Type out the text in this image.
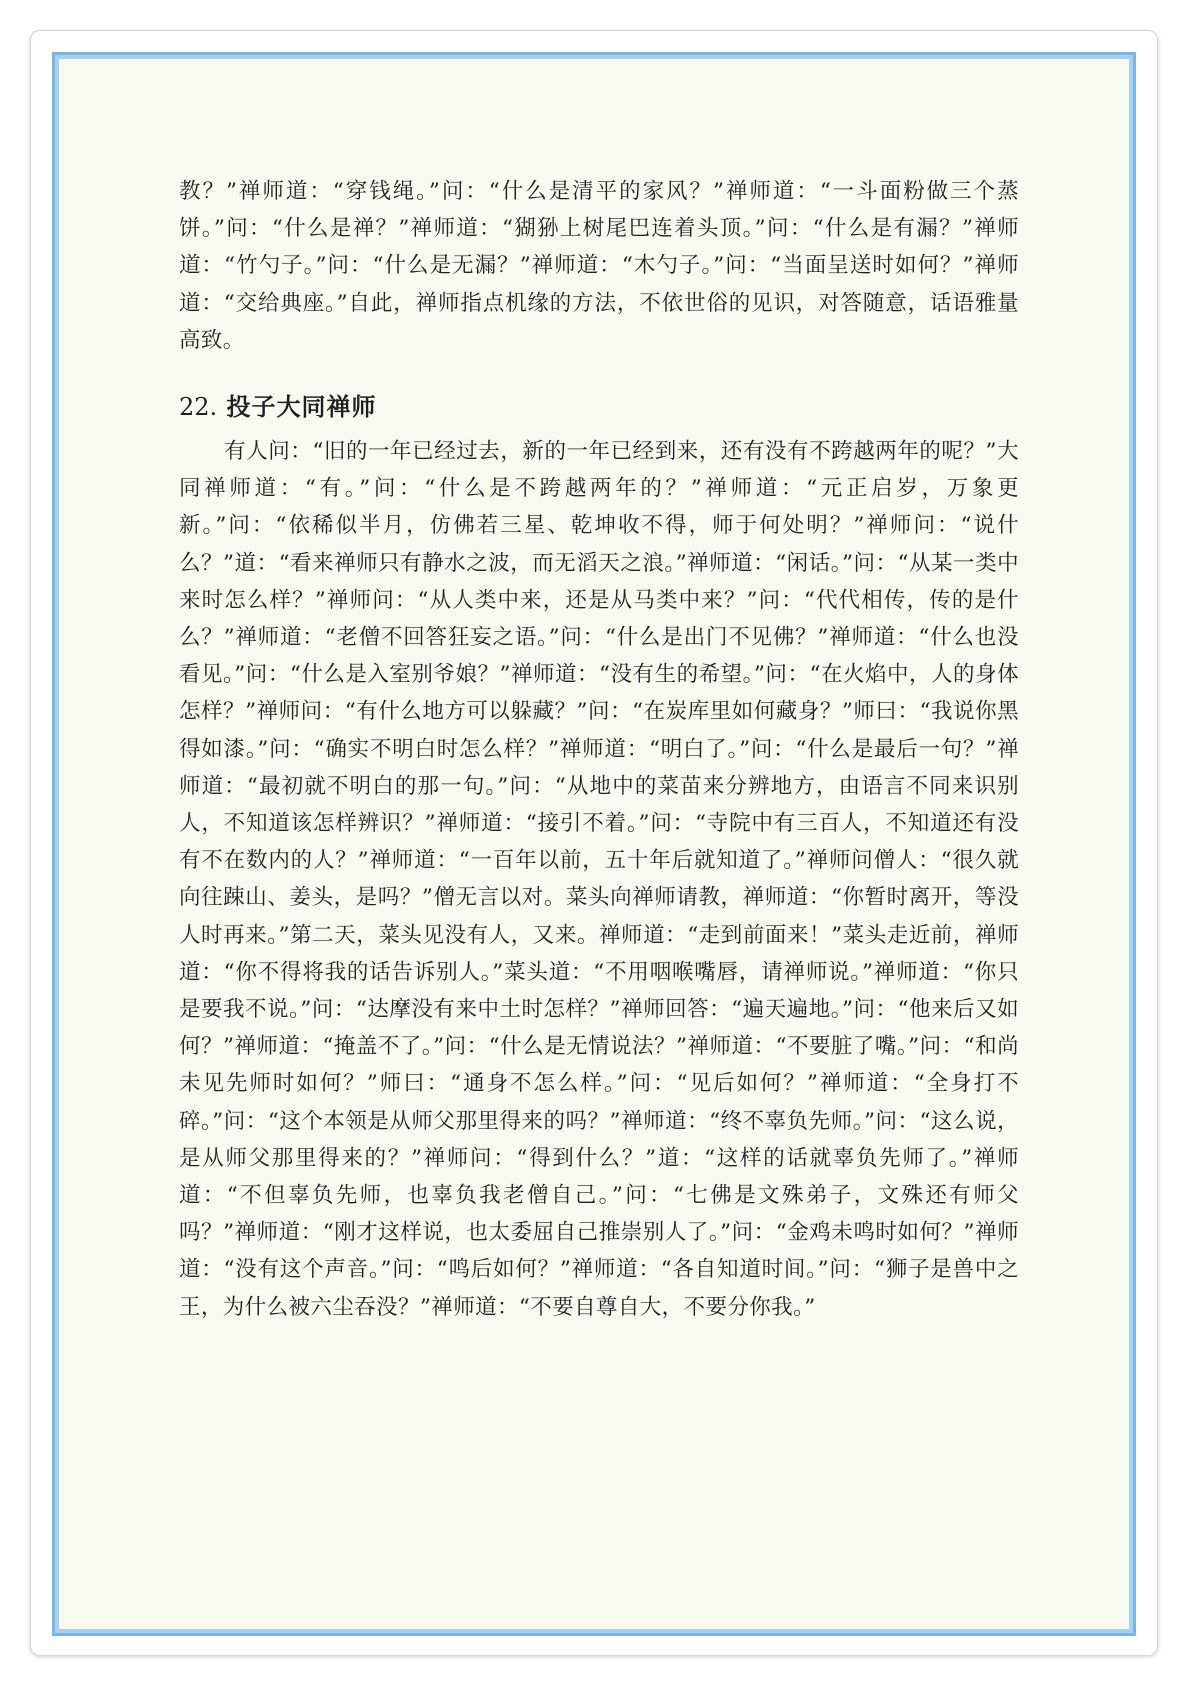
教？”禅师道：“穿钱绳。”问：“什么是清平的家风？”禅师道：“一斗面粉做三个蒸饼。”问：“什么是禅？”禅师道：“猢狲上树尾巴连着头顶。”问：“什么是有漏？”禅师道：“竹勺子。”问：“什么是无漏？”禅师道：“木勺子。”问：“当面呈送时如何？”禅师道：“交给典座。”自此，禅师指点机缘的方法，不依世俗的见识，对答随意，话语雅量高致。

22. 投子大同禅师

有人问：“旧的一年已经过去，新的一年已经到来，还有没有不跨越两年的呢？”大同禅师道：“有。”问：“什么是不跨越两年的？”禅师道：“元正启岁，万象更新。”问：“依稀似半月，仿佛若三星、乾坤收不得，师于何处明？”禅师问：“说什么？”道：“看来禅师只有静水之波，而无滔天之浪。”禅师道：“闲话。”问：“从某一类中来时怎么样？”禅师问：“从人类中来，还是从马类中来？”问：“代代相传，传的是什么？”禅师道：“老僧不回答狂妄之语。”问：“什么是出门不见佛？”禅师道：“什么也没看见。”问：“什么是入室别爷娘？”禅师道：“没有生的希望。”问：“在火焰中，人的身体怎样？”禅师问：“有什么地方可以躲藏？”问：“在炭库里如何藏身？”师曰：“我说你黑得如漆。”问：“确实不明白时怎么样？”禅师道：“明白了。”问：“什么是最后一句？”禅师道：“最初就不明白的那一句。”问：“从地中的菜苗来分辨地方，由语言不同来识别人，不知道该怎样辨识？”禅师道：“接引不着。”问：“寺院中有三百人，不知道还有没有不在数内的人？”禅师道：“一百年以前，五十年后就知道了。”禅师问僧人：“很久就向往踈山、姜头，是吗？”僧无言以对。菜头向禅师请教，禅师道：“你暂时离开，等没人时再来。”第二天，菜头见没有人，又来。禅师道：“走到前面来！”菜头走近前，禅师道：“你不得将我的话告诉别人。”菜头道：“不用咽喉嘴唇，请禅师说。”禅师道：“你只是要我不说。”问：“达摩没有来中土时怎样？”禅师回答：“遍天遍地。”问：“他来后又如何？”禅师道：“掩盖不了。”问：“什么是无情说法？”禅师道：“不要脏了嘴。”问：“和尚未见先师时如何？”师曰：“通身不怎么样。”问：“见后如何？”禅师道：“全身打不碎。”问：“这个本领是从师父那里得来的吗？”禅师道：“终不辜负先师。”问：“这么说，是从师父那里得来的？”禅师问：“得到什么？”道：“这样的话就辜负先师了。”禅师道：“不但辜负先师，也辜负我老僧自己。”问：“七佛是文殊弟子，文殊还有师父吗？”禅师道：“刚才这样说，也太委屈自己推崇别人了。”问：“金鸡未鸣时如何？”禅师道：“没有这个声音。”问：“鸣后如何？”禅师道：“各自知道时间。”问：“狮子是兽中之王，为什么被六尘吞没？”禅师道：“不要自尊自大，不要分你我。”
